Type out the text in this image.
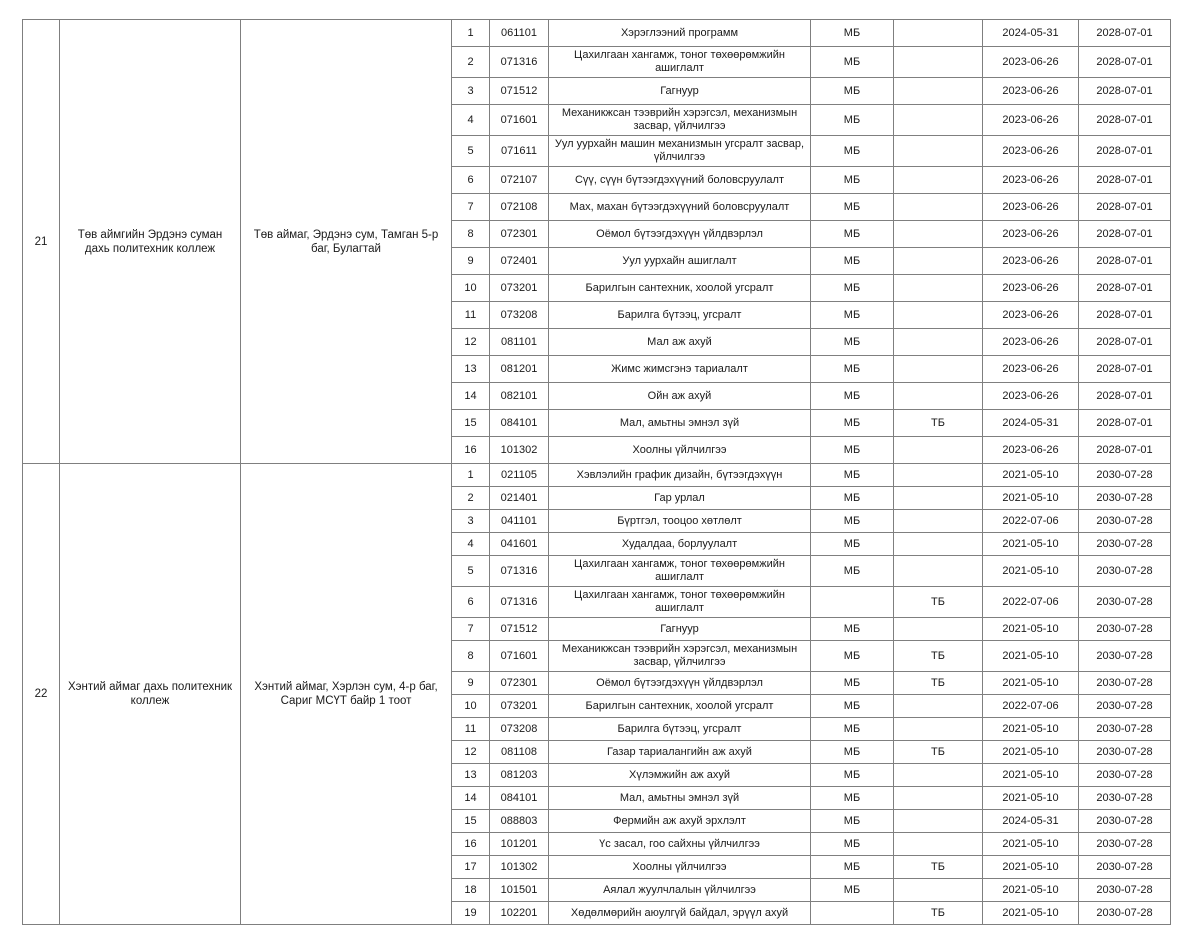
21	Төв аймгийн Эрдэнэ суман дахь политехник коллеж	Төв аймаг, Эрдэнэ сум, Тамган 5-р баг, Булагтай	1	061101	Хэрэглээний программ	МБ		2024-05-31	2028-07-01
			2	071316	Цахилгаан хангамж, тоног төхөөрөмжийн ашиглалт	МБ		2023-06-26	2028-07-01
			3	071512	Гагнуур	МБ		2023-06-26	2028-07-01
			4	071601	Механикжсан тээврийн хэрэгсэл, механизмын засвар, үйлчилгээ	МБ		2023-06-26	2028-07-01
			5	071611	Уул уурхайн машин механизмын угсралт засвар, үйлчилгээ	МБ		2023-06-26	2028-07-01
			6	072107	Сүү, сүүн бүтээгдэхүүний боловсруулалт	МБ		2023-06-26	2028-07-01
			7	072108	Мах, махан бүтээгдэхүүний боловсруулалт	МБ		2023-06-26	2028-07-01
			8	072301	Оёмол бүтээгдэхүүн үйлдвэрлэл	МБ		2023-06-26	2028-07-01
			9	072401	Уул уурхайн ашиглалт	МБ		2023-06-26	2028-07-01
			10	073201	Барилгын сантехник, хоолой угсралт	МБ		2023-06-26	2028-07-01
			11	073208	Барилга бүтээц, угсралт	МБ		2023-06-26	2028-07-01
			12	081101	Мал аж ахуй	МБ		2023-06-26	2028-07-01
			13	081201	Жимс жимсгэнэ тариалалт	МБ		2023-06-26	2028-07-01
			14	082101	Ойн аж ахуй	МБ		2023-06-26	2028-07-01
			15	084101	Мал, амьтны эмнэл зүй	МБ	ТБ	2024-05-31	2028-07-01
			16	101302	Хоолны үйлчилгээ	МБ		2023-06-26	2028-07-01
22	Хэнтий аймаг дахь политехник коллеж	Хэнтий аймаг, Хэрлэн сум, 4-р баг, Сариг МСҮТ байр 1 тоот	1	021105	Хэвлэлийн график дизайн, бүтээгдэхүүн	МБ		2021-05-10	2030-07-28
			2	021401	Гар урлал	МБ		2021-05-10	2030-07-28
			3	041101	Бүртгэл, тооцоо хөтлөлт	МБ		2022-07-06	2030-07-28
			4	041601	Худалдаа, борлуулалт	МБ		2021-05-10	2030-07-28
			5	071316	Цахилгаан хангамж, тоног төхөөрөмжийн ашиглалт	МБ		2021-05-10	2030-07-28
			6	071316	Цахилгаан хангамж, тоног төхөөрөмжийн ашиглалт		ТБ	2022-07-06	2030-07-28
			7	071512	Гагнуур	МБ		2021-05-10	2030-07-28
			8	071601	Механикжсан тээврийн хэрэгсэл, механизмын засвар, үйлчилгээ	МБ	ТБ	2021-05-10	2030-07-28
			9	072301	Оёмол бүтээгдэхүүн үйлдвэрлэл	МБ	ТБ	2021-05-10	2030-07-28
			10	073201	Барилгын сантехник, хоолой угсралт	МБ		2022-07-06	2030-07-28
			11	073208	Барилга бүтээц, угсралт	МБ		2021-05-10	2030-07-28
			12	081108	Газар тариалангийн аж ахуй	МБ	ТБ	2021-05-10	2030-07-28
			13	081203	Хүлэмжийн аж ахуй	МБ		2021-05-10	2030-07-28
			14	084101	Мал, амьтны эмнэл зүй	МБ		2021-05-10	2030-07-28
			15	088803	Фермийн аж ахуй эрхлэлт	МБ		2024-05-31	2030-07-28
			16	101201	Үс засал, гоо сайхны үйлчилгээ	МБ		2021-05-10	2030-07-28
			17	101302	Хоолны үйлчилгээ	МБ	ТБ	2021-05-10	2030-07-28
			18	101501	Аялал жуулчлалын үйлчилгээ	МБ		2021-05-10	2030-07-28
			19	102201	Хөдөлмөрийн аюулгүй байдал, эрүүл ахуй		ТБ	2021-05-10	2030-07-28
